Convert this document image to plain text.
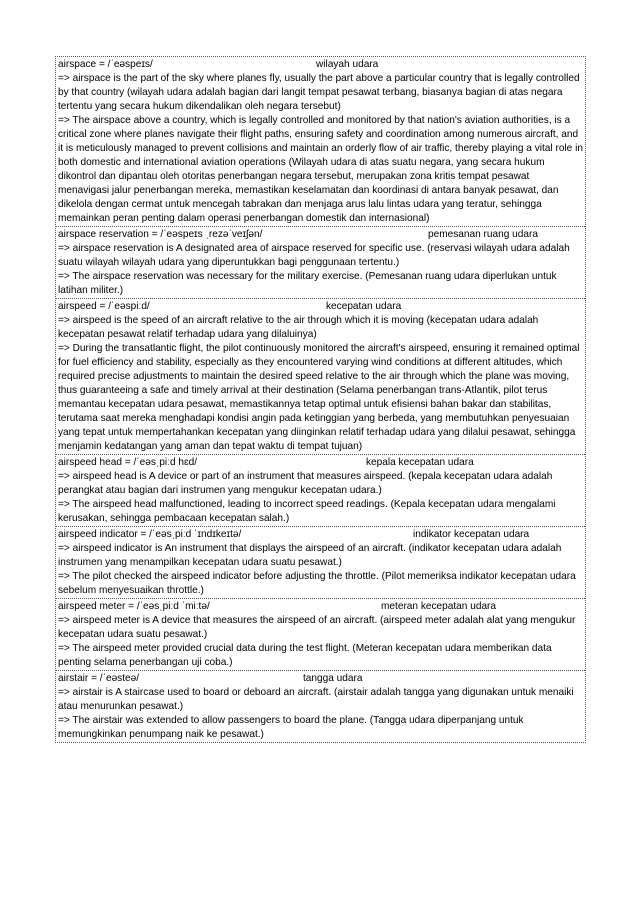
airspace = /ˈeəspeɪs/	wilayah udara

=> airspace is the part of the sky where planes fly, usually the part above a particular country that is legally controlled by that country (wilayah udara adalah bagian dari langit tempat pesawat terbang, biasanya bagian di atas negara tertentu yang secara hukum dikendalikan oleh negara tersebut)

=> The airspace above a country, which is legally controlled and monitored by that nation's aviation authorities, is a critical zone where planes navigate their flight paths, ensuring safety and coordination among numerous aircraft, and it is meticulously managed to prevent collisions and maintain an orderly flow of air traffic, thereby playing a vital role in both domestic and international aviation operations (Wilayah udara di atas suatu negara, yang secara hukum dikontrol dan dipantau oleh otoritas penerbangan negara tersebut, merupakan zona kritis tempat pesawat menavigasi jalur penerbangan mereka, memastikan keselamatan dan koordinasi di antara banyak pesawat, dan dikelola dengan cermat untuk mencegah tabrakan dan menjaga arus lalu lintas udara yang teratur, sehingga memainkan peran penting dalam operasi penerbangan domestik dan internasional)

airspace reservation = /ˈeəspeɪs ˌrezəˈveɪʃən/	pemesanan ruang udara

=> airspace reservation is A designated area of airspace reserved for specific use. (reservasi wilayah udara adalah suatu wilayah wilayah udara yang diperuntukkan bagi penggunaan tertentu.)

=> The airspace reservation was necessary for the military exercise. (Pemesanan ruang udara diperlukan untuk latihan militer.)

airspeed = /ˈeəspiːd/	kecepatan udara

=> airspeed is the speed of an aircraft relative to the air through which it is moving (kecepatan udara adalah kecepatan pesawat relatif terhadap udara yang dilaluinya)

=> During the transatlantic flight, the pilot continuously monitored the aircraft's airspeed, ensuring it remained optimal for fuel efficiency and stability, especially as they encountered varying wind conditions at different altitudes, which required precise adjustments to maintain the desired speed relative to the air through which the plane was moving, thus guaranteeing a safe and timely arrival at their destination (Selama penerbangan trans-Atlantik, pilot terus memantau kecepatan udara pesawat, memastikannya tetap optimal untuk efisiensi bahan bakar dan stabilitas, terutama saat mereka menghadapi kondisi angin pada ketinggian yang berbeda, yang membutuhkan penyesuaian yang tepat untuk mempertahankan kecepatan yang diinginkan relatif terhadap udara yang dilalui pesawat, sehingga menjamin kedatangan yang aman dan tepat waktu di tempat tujuan)

airspeed head = /ˈeəsˌpiːd hɛd/	kepala kecepatan udara

=> airspeed head is A device or part of an instrument that measures airspeed. (kepala kecepatan udara adalah perangkat atau bagian dari instrumen yang mengukur kecepatan udara.)

=> The airspeed head malfunctioned, leading to incorrect speed readings. (Kepala kecepatan udara mengalami kerusakan, sehingga pembacaan kecepatan salah.)

airspeed indicator = /ˈeəsˌpiːd ˈɪndɪkeɪtə/	indikator kecepatan udara

=> airspeed indicator is An instrument that displays the airspeed of an aircraft. (indikator kecepatan udara adalah instrumen yang menampilkan kecepatan udara suatu pesawat.)

=> The pilot checked the airspeed indicator before adjusting the throttle. (Pilot memeriksa indikator kecepatan udara sebelum menyesuaikan throttle.)

airspeed meter = /ˈeəsˌpiːd ˈmiːtə/	meteran kecepatan udara

=> airspeed meter is A device that measures the airspeed of an aircraft. (airspeed meter adalah alat yang mengukur kecepatan udara suatu pesawat.)

=> The airspeed meter provided crucial data during the test flight. (Meteran kecepatan udara memberikan data penting selama penerbangan uji coba.)

airstair = /ˈeəsteə/	tangga udara

=> airstair is A staircase used to board or deboard an aircraft. (airstair adalah tangga yang digunakan untuk menaiki atau menurunkan pesawat.)

=> The airstair was extended to allow passengers to board the plane. (Tangga udara diperpanjang untuk memungkinkan penumpang naik ke pesawat.)
